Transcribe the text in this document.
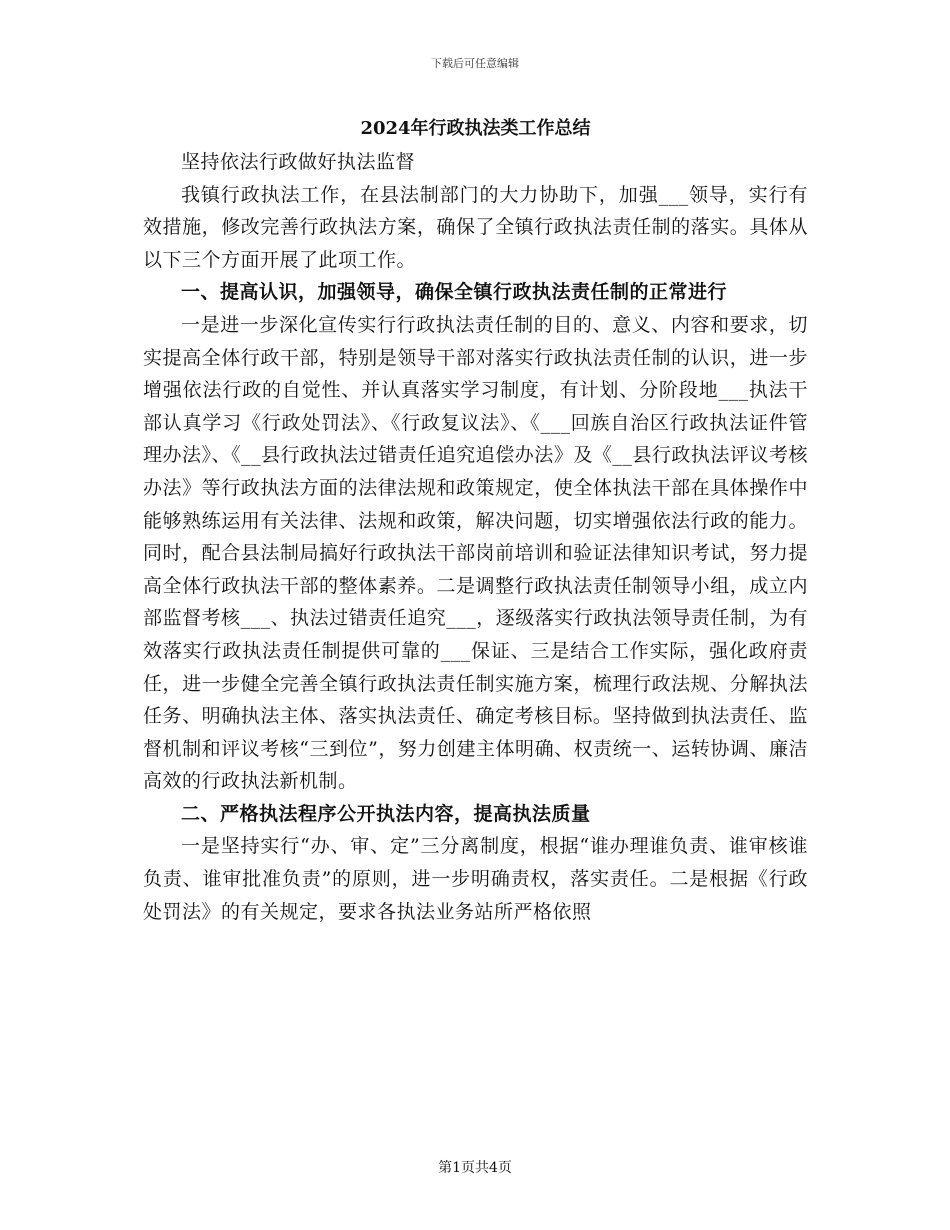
下载后可任意编辑
2024年行政执法类工作总结

坚持依法行政做好执法监督

我镇行政执法工作，在县法制部门的大力协助下，加强___领导，实行有效措施，修改完善行政执法方案，确保了全镇行政执法责任制的落实。具体从以下三个方面开展了此项工作。

一、提高认识，加强领导，确保全镇行政执法责任制的正常进行

一是进一步深化宣传实行行政执法责任制的目的、意义、内容和要求，切实提高全体行政干部，特别是领导干部对落实行政执法责任制的认识，进一步增强依法行政的自觉性、并认真落实学习制度，有计划、分阶段地___执法干部认真学习《行政处罚法》、《行政复议法》、《___回族自治区行政执法证件管理办法》、《__县行政执法过错责任追究追偿办法》及《__县行政执法评议考核办法》等行政执法方面的法律法规和政策规定，使全体执法干部在具体操作中能够熟练运用有关法律、法规和政策，解决问题，切实增强依法行政的能力。同时，配合县法制局搞好行政执法干部岗前培训和验证法律知识考试，努力提高全体行政执法干部的整体素养。二是调整行政执法责任制领导小组，成立内部监督考核___、执法过错责任追究___，逐级落实行政执法领导责任制，为有效落实行政执法责任制提供可靠的___保证、三是结合工作实际，强化政府责任，进一步健全完善全镇行政执法责任制实施方案，梳理行政法规、分解执法任务、明确执法主体、落实执法责任、确定考核目标。坚持做到执法责任、监督机制和评议考核“三到位”，努力创建主体明确、权责统一、运转协调、廉洁高效的行政执法新机制。

二、严格执法程序公开执法内容，提高执法质量

一是坚持实行“办、审、定”三分离制度，根据“谁办理谁负责、谁审核谁负责、谁审批准负责”的原则，进一步明确责权，落实责任。二是根据《行政处罚法》的有关规定，要求各执法业务站所严格依照

第1页共4页
